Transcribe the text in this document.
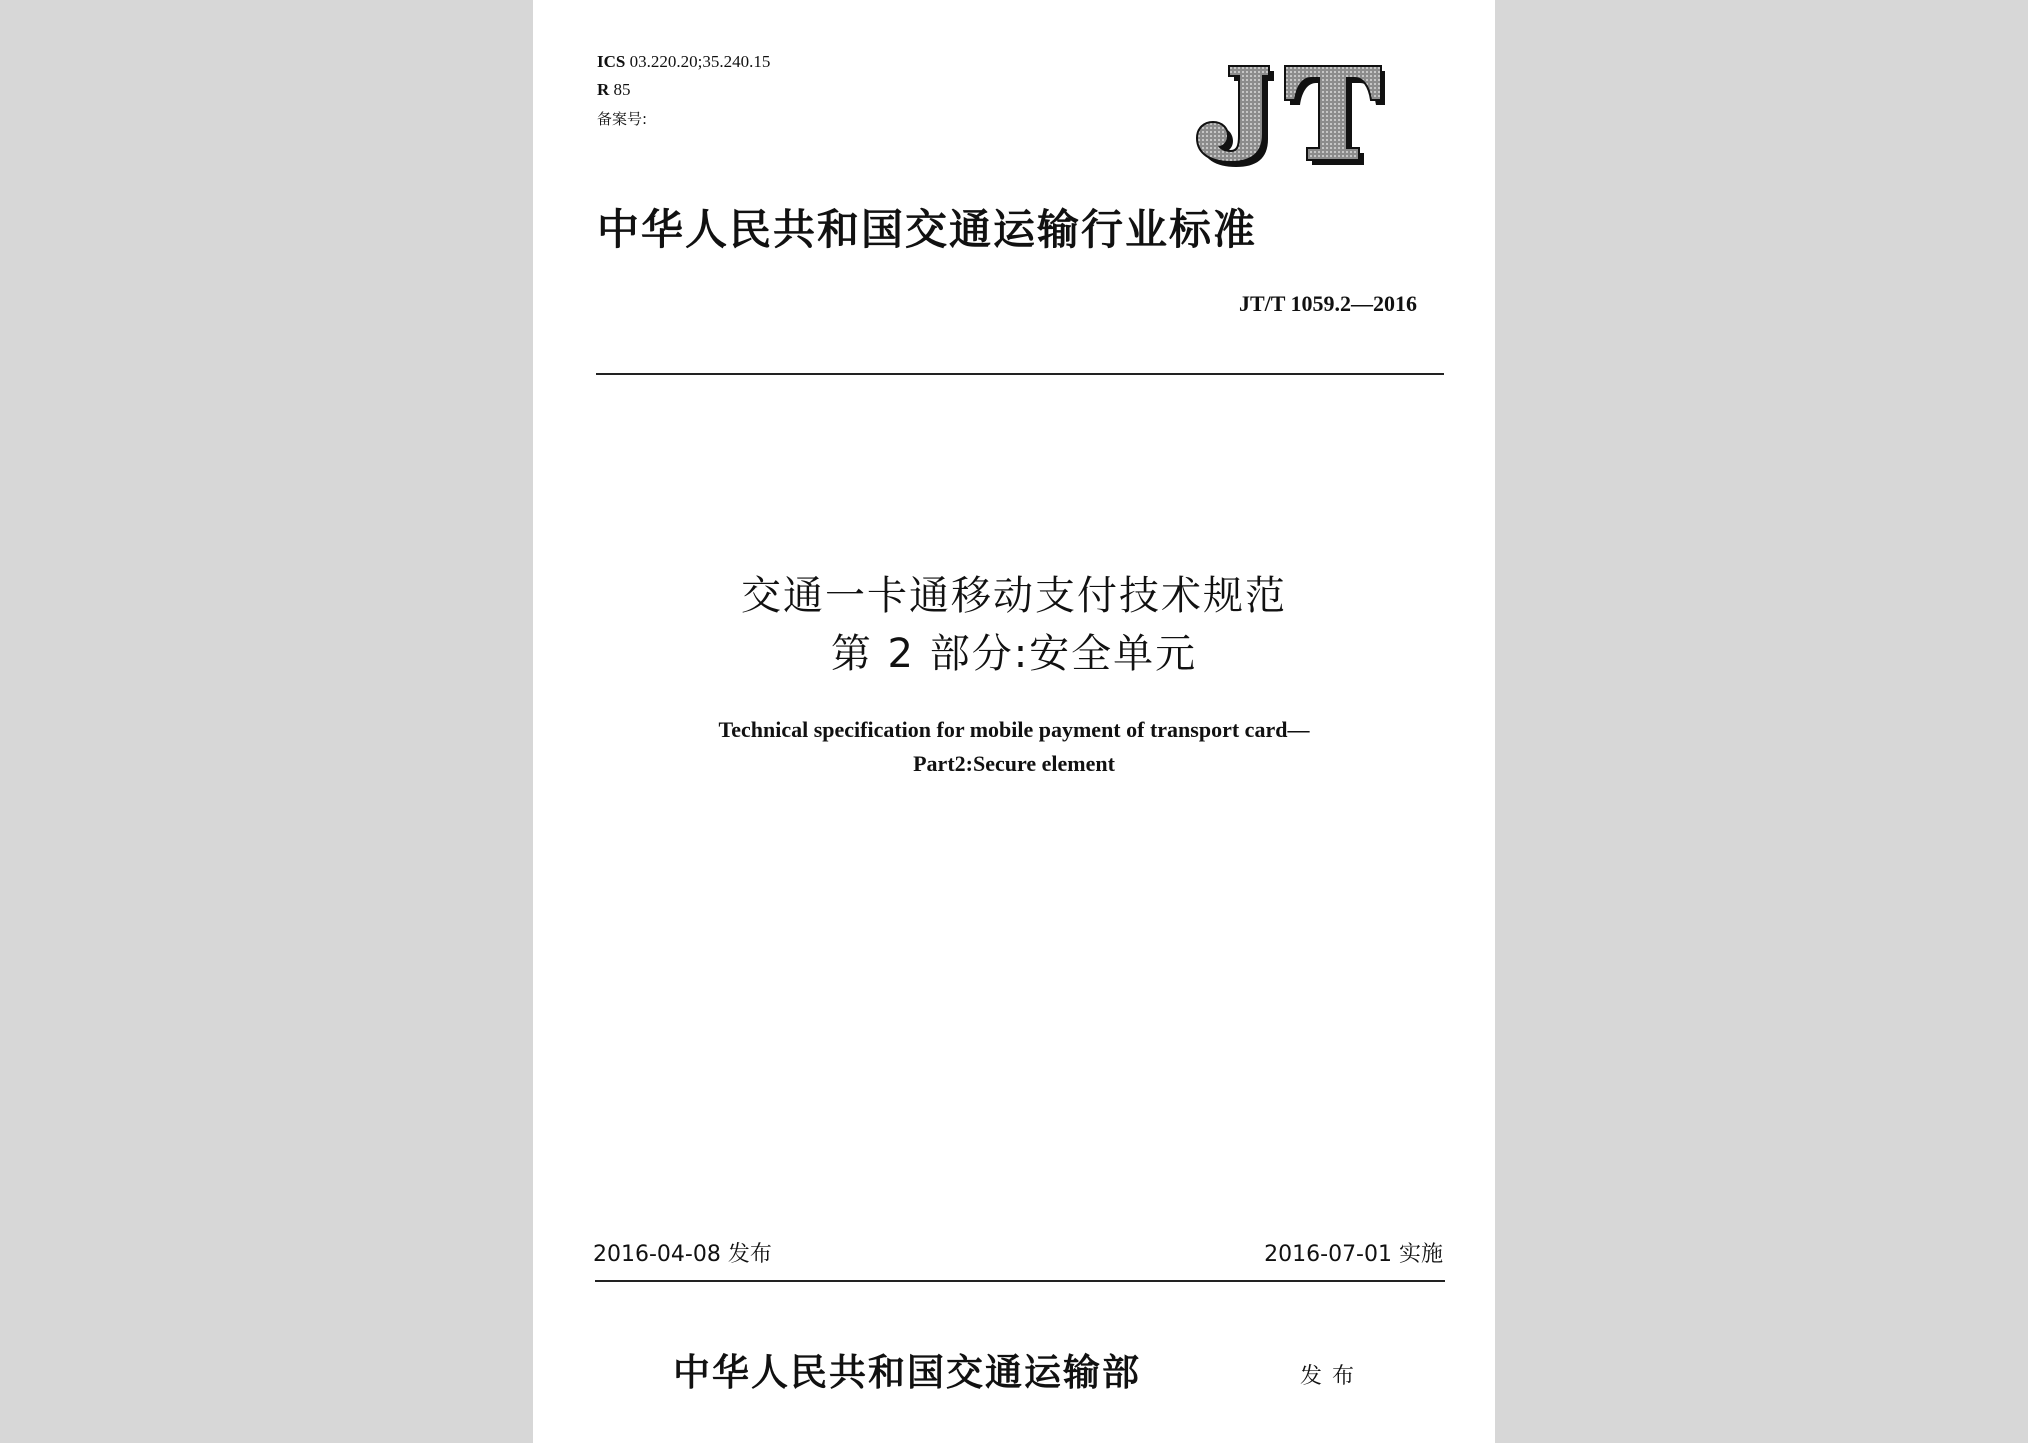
ICS 03.220.20;35.240.15
R 85
备案号:
中华人民共和国交通运输行业标准
JT/T 1059.2—2016
交通一卡通移动支付技术规范
第 2 部分:安全单元
Technical specification for mobile payment of transport card—
Part2:Secure element
2016-04-08 发布	2016-07-01 实施
中华人民共和国交通运输部	发布
